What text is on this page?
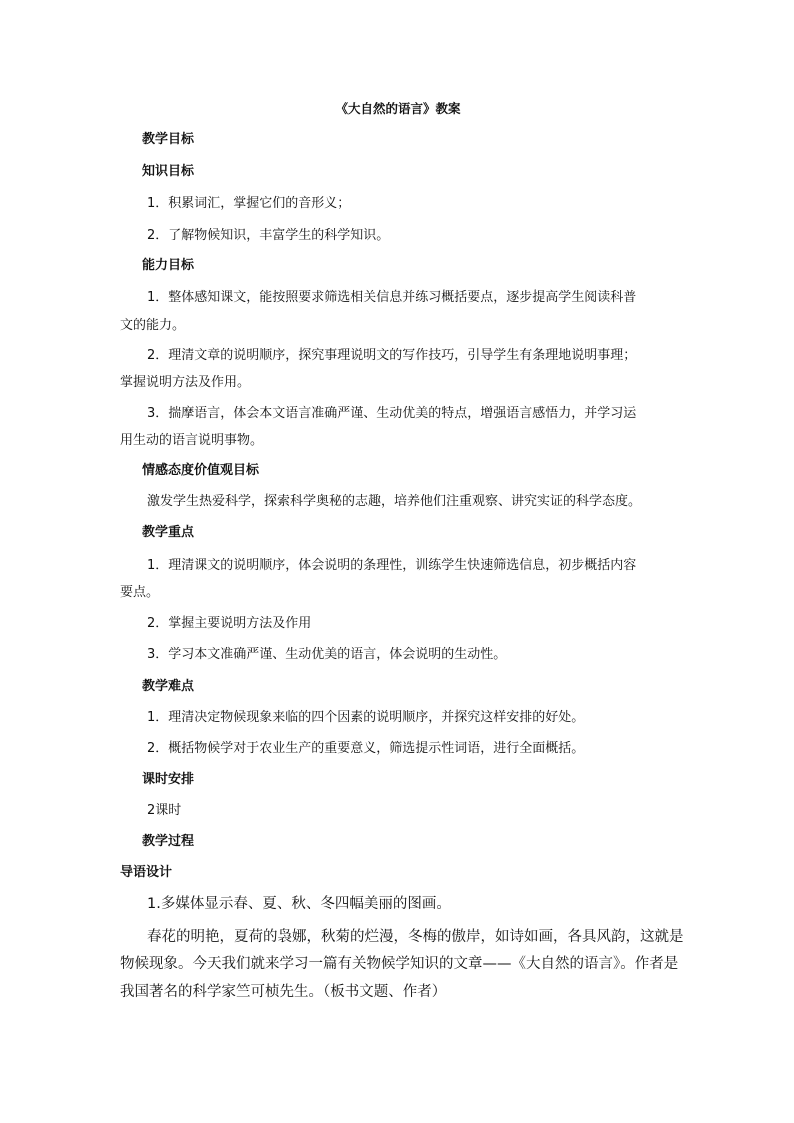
《大自然的语言》教案
教学目标
知识目标
1．积累词汇，掌握它们的音形义；
2．了解物候知识，丰富学生的科学知识。
能力目标
1．整体感知课文，能按照要求筛选相关信息并练习概括要点，逐步提高学生阅读科普
文的能力。
2．理清文章的说明顺序，探究事理说明文的写作技巧，引导学生有条理地说明事理；
掌握说明方法及作用。
3．揣摩语言，体会本文语言准确严谨、生动优美的特点，增强语言感悟力，并学习运
用生动的语言说明事物。
情感态度价值观目标
激发学生热爱科学，探索科学奥秘的志趣，培养他们注重观察、讲究实证的科学态度。
教学重点
1．理清课文的说明顺序，体会说明的条理性，训练学生快速筛选信息，初步概括内容
要点。
2．掌握主要说明方法及作用
3．学习本文准确严谨、生动优美的语言，体会说明的生动性。
教学难点
1．理清决定物候现象来临的四个因素的说明顺序，并探究这样安排的好处。
2．概括物候学对于农业生产的重要意义，筛选提示性词语，进行全面概括。
课时安排
2课时
教学过程
导语设计
1.多媒体显示春、夏、秋、冬四幅美丽的图画。
春花的明艳，夏荷的袅娜，秋菊的烂漫，冬梅的傲岸，如诗如画，各具风韵，这就是
物候现象。今天我们就来学习一篇有关物候学知识的文章——《大自然的语言》。作者是
我国著名的科学家竺可桢先生。（板书文题、作者）
